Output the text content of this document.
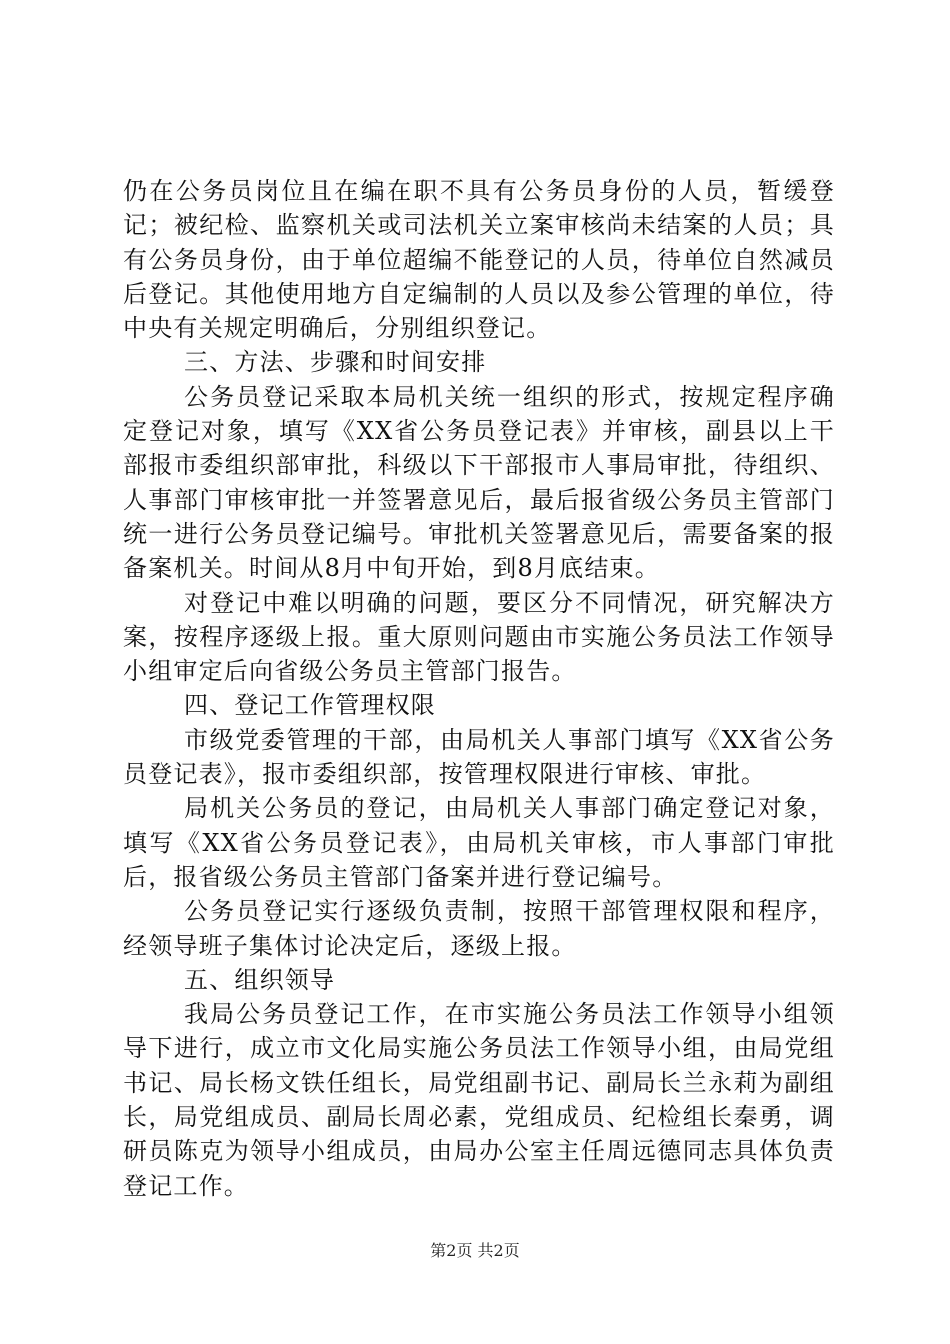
仍在公务员岗位且在编在职不具有公务员身份的人员，暂缓登记；被纪检、监察机关或司法机关立案审核尚未结案的人员；具有公务员身份，由于单位超编不能登记的人员，待单位自然减员后登记。其他使用地方自定编制的人员以及参公管理的单位，待中央有关规定明确后，分别组织登记。

三、方法、步骤和时间安排

公务员登记采取本局机关统一组织的形式，按规定程序确定登记对象，填写《XX省公务员登记表》并审核，副县以上干部报市委组织部审批，科级以下干部报市人事局审批，待组织、人事部门审核审批一并签署意见后，最后报省级公务员主管部门统一进行公务员登记编号。审批机关签署意见后，需要备案的报备案机关。时间从8月中旬开始，到8月底结束。

对登记中难以明确的问题，要区分不同情况，研究解决方案，按程序逐级上报。重大原则问题由市实施公务员法工作领导小组审定后向省级公务员主管部门报告。

四、登记工作管理权限

市级党委管理的干部，由局机关人事部门填写《XX省公务员登记表》，报市委组织部，按管理权限进行审核、审批。

局机关公务员的登记，由局机关人事部门确定登记对象，填写《XX省公务员登记表》，由局机关审核，市人事部门审批后，报省级公务员主管部门备案并进行登记编号。

公务员登记实行逐级负责制，按照干部管理权限和程序，经领导班子集体讨论决定后，逐级上报。

五、组织领导

我局公务员登记工作，在市实施公务员法工作领导小组领导下进行，成立市文化局实施公务员法工作领导小组，由局党组书记、局长杨文铁任组长，局党组副书记、副局长兰永莉为副组长，局党组成员、副局长周必素，党组成员、纪检组长秦勇，调研员陈克为领导小组成员，由局办公室主任周远德同志具体负责登记工作。

第2页 共2页
